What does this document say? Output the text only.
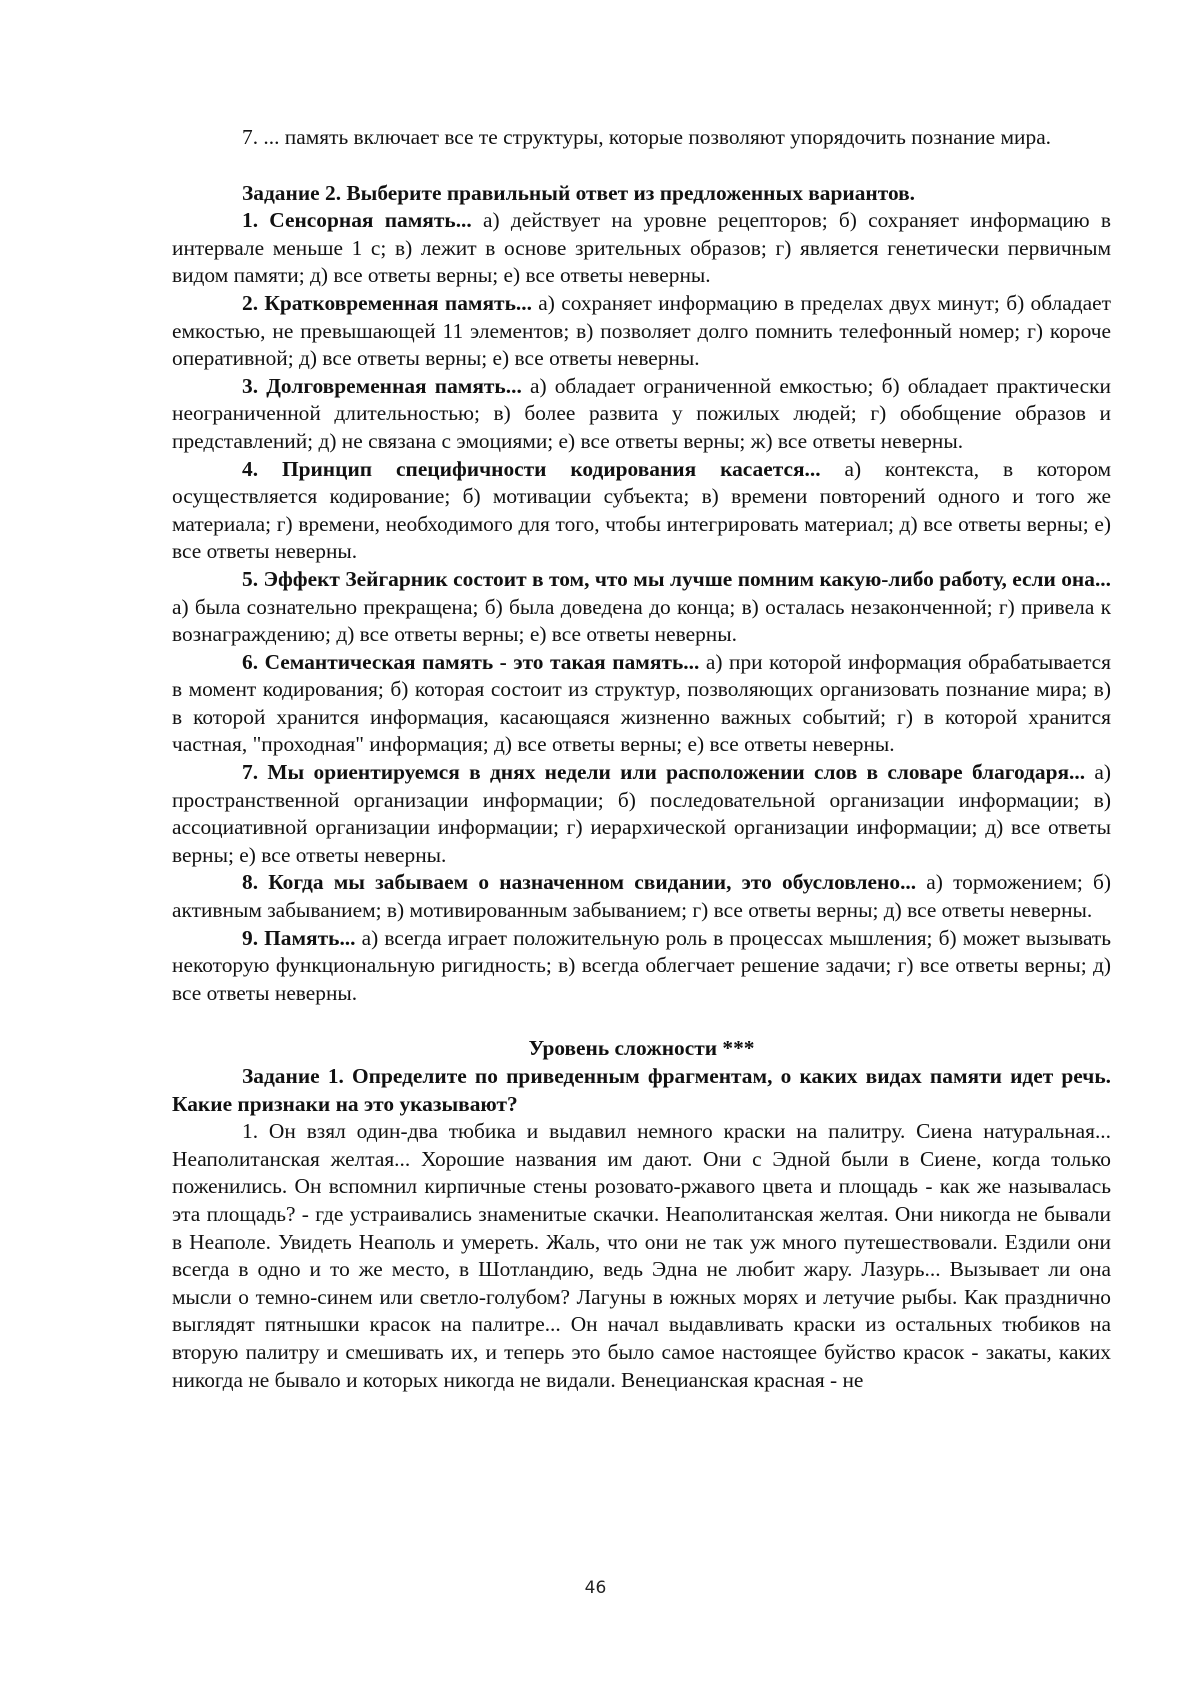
7. ... память включает все те структуры, которые позволяют упорядочить познание мира.

Задание 2. Выберите правильный ответ из предложенных вариантов.

1. Сенсорная память... а) действует на уровне рецепторов; б) сохраняет информацию в интервале меньше 1 с; в) лежит в основе зрительных образов; г) является генетически первичным видом памяти; д) все ответы верны; е) все ответы неверны.

2. Кратковременная память... а) сохраняет информацию в пределах двух минут; б) обладает емкостью, не превышающей 11 элементов; в) позволяет долго помнить телефонный номер; г) короче оперативной; д) все ответы верны; е) все ответы неверны.

3. Долговременная память... а) обладает ограниченной емкостью; б) обладает практически неограниченной длительностью; в) более развита у пожилых людей; г) обобщение образов и представлений; д) не связана с эмоциями; е) все ответы верны; ж) все ответы неверны.

4. Принцип специфичности кодирования касается... а) контекста, в котором осуществляется кодирование; б) мотивации субъекта; в) времени повторений одного и того же материала; г) времени, необходимого для того, чтобы интегрировать материал; д) все ответы верны; е) все ответы неверны.

5. Эффект Зейгарник состоит в том, что мы лучше помним какую-либо работу, если она... а) была сознательно прекращена; б) была доведена до конца; в) осталась незаконченной; г) привела к вознаграждению; д) все ответы верны; е) все ответы неверны.

6. Семантическая память - это такая память... а) при которой информация обрабатывается в момент кодирования; б) которая состоит из структур, позволяющих организовать познание мира; в) в которой хранится информация, касающаяся жизненно важных событий; г) в которой хранится частная, "проходная" информация; д) все ответы верны; е) все ответы неверны.

7. Мы ориентируемся в днях недели или расположении слов в словаре благодаря... а) пространственной организации информации; б) последовательной организации информации; в) ассоциативной организации информации; г) иерархической организации информации; д) все ответы верны; е) все ответы неверны.

8. Когда мы забываем о назначенном свидании, это обусловлено... а) торможением; б) активным забыванием; в) мотивированным забыванием; г) все ответы верны; д) все ответы неверны.

9. Память... а) всегда играет положительную роль в процессах мышления; б) может вызывать некоторую функциональную ригидность; в) всегда облегчает решение задачи; г) все ответы верны; д) все ответы неверны.

Уровень сложности ***

Задание 1. Определите по приведенным фрагментам, о каких видах памяти идет речь. Какие признаки на это указывают?

1. Он взял один-два тюбика и выдавил немного краски на палитру. Сиена натуральная... Неаполитанская желтая... Хорошие названия им дают. Они с Эдной были в Сиене, когда только поженились. Он вспомнил кирпичные стены розовато-ржавого цвета и площадь - как же называлась эта площадь? - где устраивались знаменитые скачки. Неаполитанская желтая. Они никогда не бывали в Неаполе. Увидеть Неаполь и умереть. Жаль, что они не так уж много путешествовали. Ездили они всегда в одно и то же место, в Шотландию, ведь Эдна не любит жару. Лазурь... Вызывает ли она мысли о темно-синем или светло-голубом? Лагуны в южных морях и летучие рыбы. Как празднично выглядят пятнышки красок на палитре... Он начал выдавливать краски из остальных тюбиков на вторую палитру и смешивать их, и теперь это было самое настоящее буйство красок - закаты, каких никогда не бывало и которых никогда не видали. Венецианская красная - не

46
